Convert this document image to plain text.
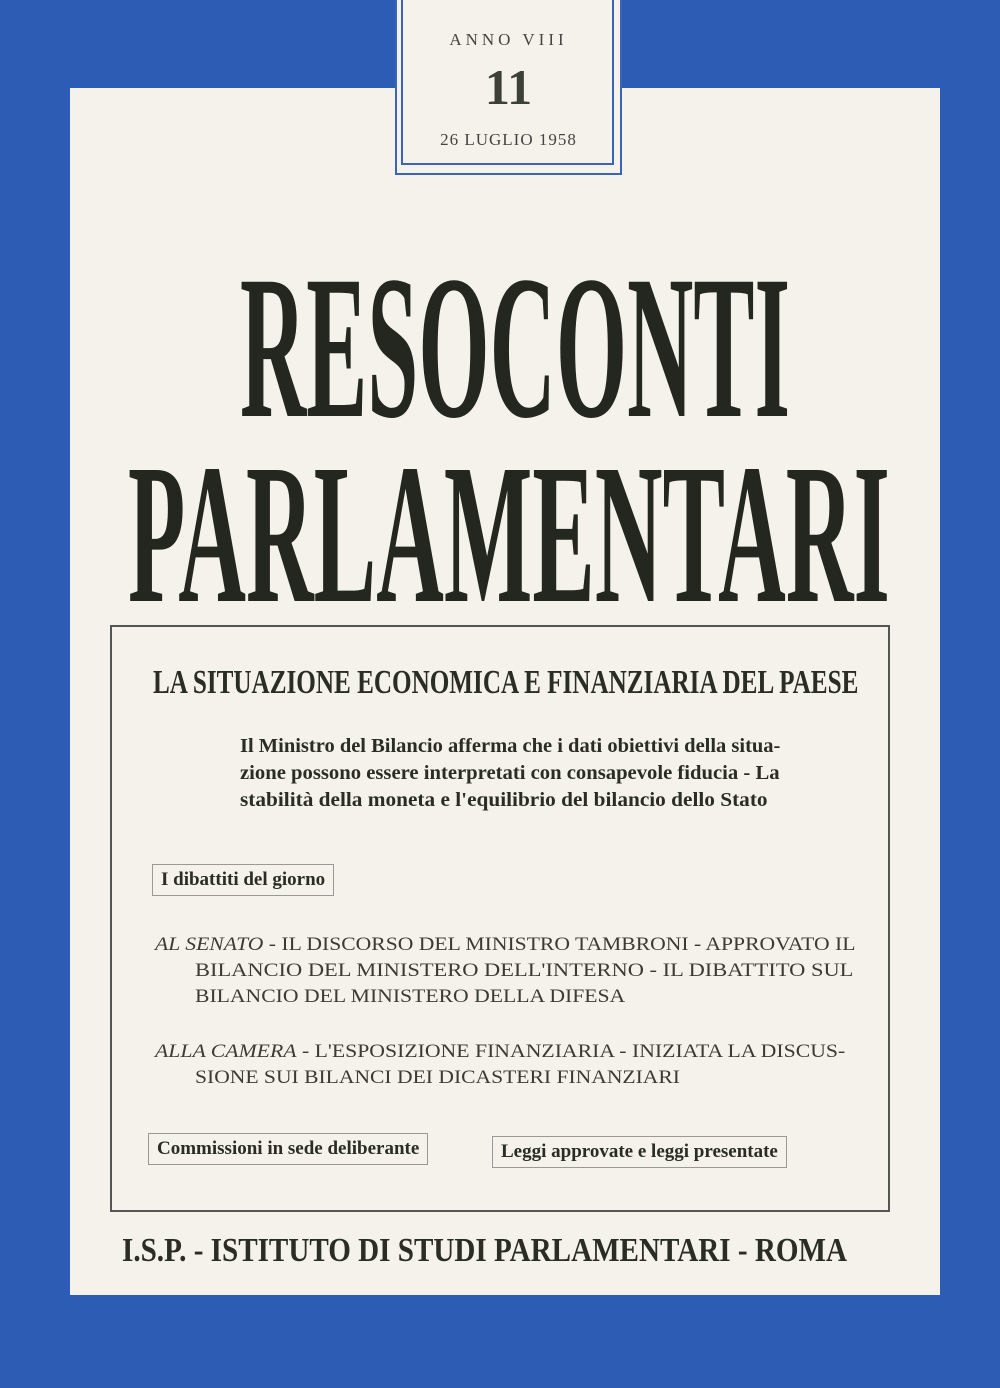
ANNO VIII
11
26 LUGLIO 1958
RESOCONTI
PARLAMENTARI
LA SITUAZIONE ECONOMICA E FINANZIARIA DEL PAESE
Il Ministro del Bilancio afferma che i dati obiettivi della situa-
zione possono essere interpretati con consapevole fiducia - La
stabilità della moneta e l'equilibrio del bilancio dello Stato
I dibattiti del giorno
AL SENATO - IL DISCORSO DEL MINISTRO TAMBRONI - APPROVATO IL
BILANCIO DEL MINISTERO DELL'INTERNO - IL DIBATTITO SUL
BILANCIO DEL MINISTERO DELLA DIFESA
ALLA CAMERA - L'ESPOSIZIONE FINANZIARIA - INIZIATA LA DISCUS-
SIONE SUI BILANCI DEI DICASTERI FINANZIARI
Commissioni in sede deliberante	Leggi approvate e leggi presentate
I.S.P. - ISTITUTO DI STUDI PARLAMENTARI - ROMA
